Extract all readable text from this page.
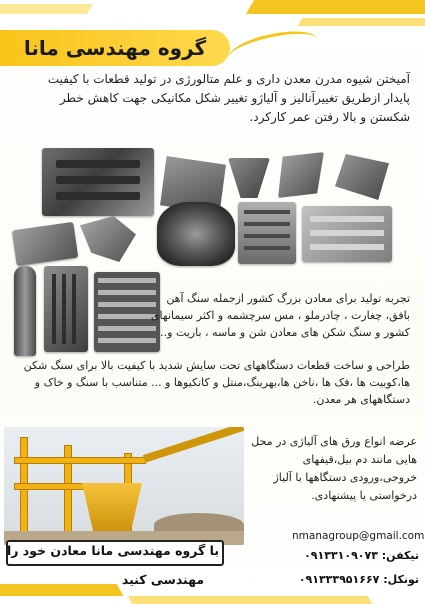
گروه مهندسی مانا
آمیختن شیوه مدرن معدن داری و علم متالورژی در تولید قطعات با کیفیت پایدار ازطریق تغییرآنالیز و آلیاژو تغییر شکل مکانیکی جهت کاهش خطر شکستن و بالا رفتن عمر کارکرد.
تجربه تولید برای معادن بزرگ کشور ازجمله سنگ آهن بافق، چغارت ، چادرملو ، مس سرچشمه و اکثر سیمانهای کشور و سنگ شکن های معادن شن و ماسه ، باریت و..
طراحی و ساخت قطعات دستگاههای تحت سایش شدید با کیفیت بالا برای سنگ شکن ها،کوبیت ها ،فک ها ،ناخن ها،بهرینگ،منتل و کانکیوها و ... متناسب با سنگ و خاک و دستگاههای هر معدن.
عرضه انواع ورق های آلیاژی در محل هایی مانند دم بیل،قیفهای خروجی،ورودی دستگاهها با آلیاژ درخواستی یا پیشنهادی.
nmanagroup@gmail.com
تیکفن: ۰۹۱۳۳۱۰۹۰۷۳
تونکل: ۰۹۱۳۳۳۹۵۱۶۶۷
با گروه مهندسی مانا معادن خود را
مهندسی کنید
